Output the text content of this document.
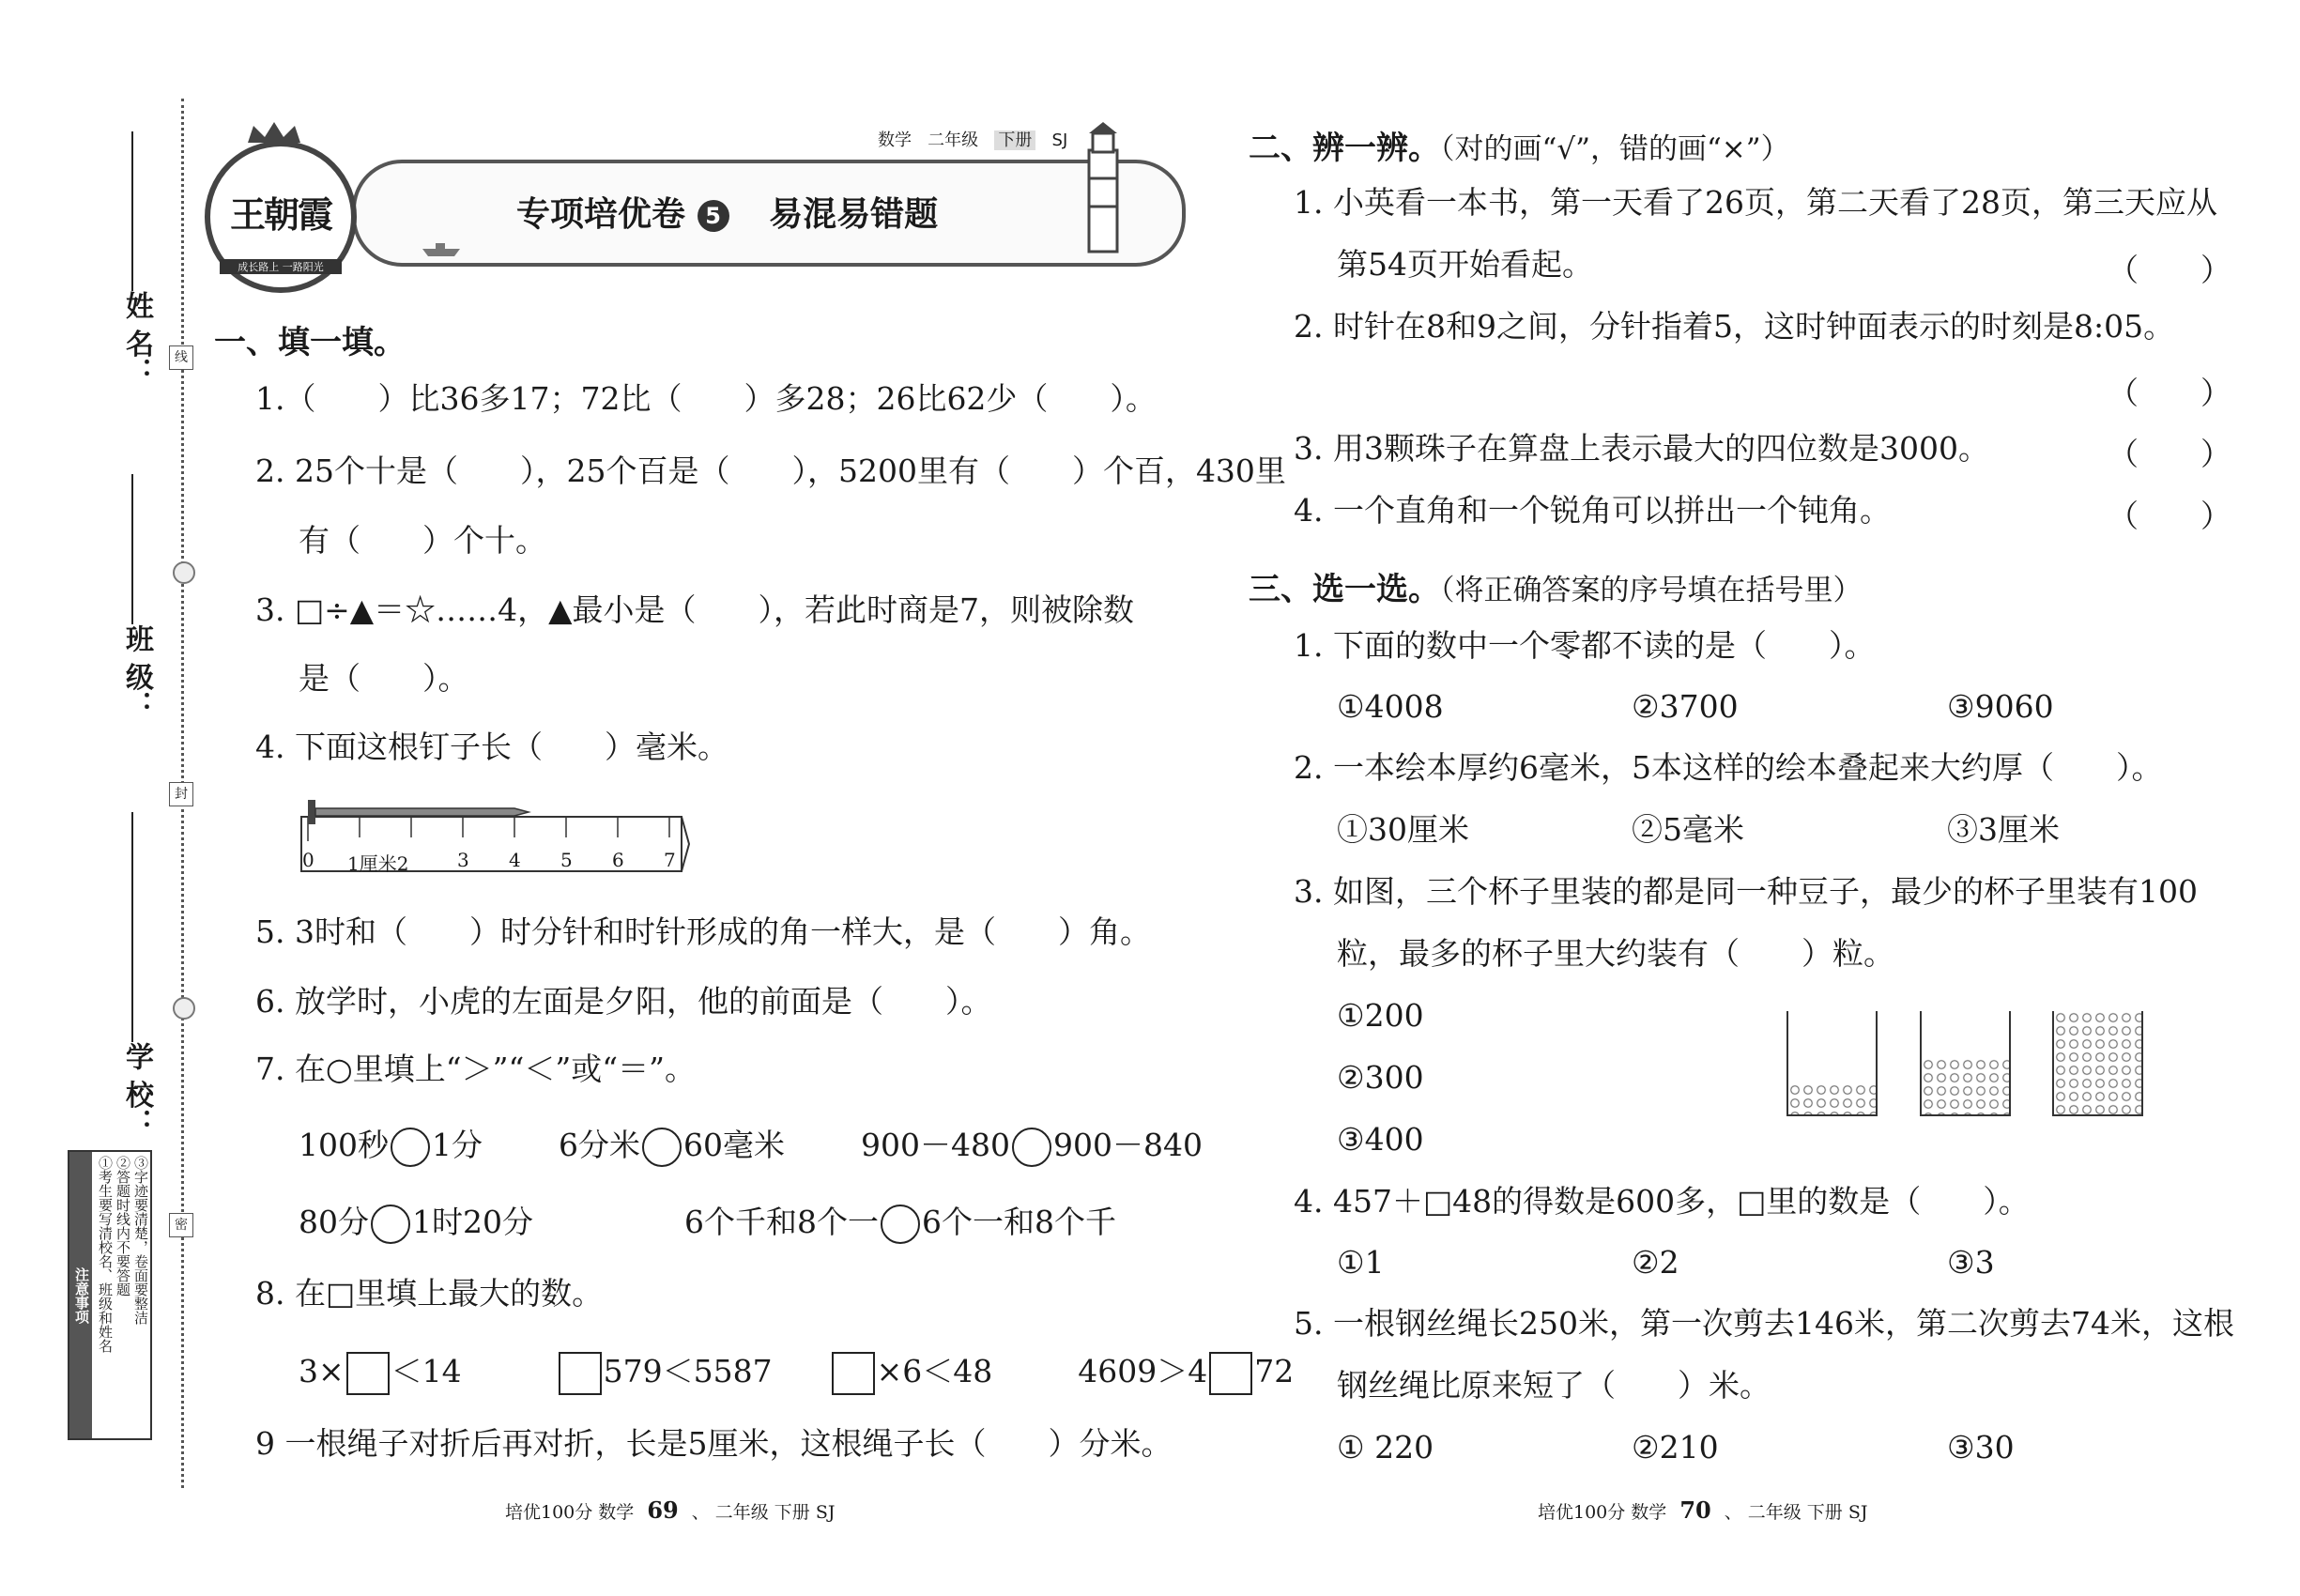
线
封
密
姓 名：
班 级：
学 校：
注意事项 ①考生要写清校名、班级和姓名 ②答题时线内不要答题 ③字迹要清楚，卷面要整洁
数学 二年级 下册 SJ
王朝霞
成长路上 一路阳光
专项培优卷 5 易混易错题
一、填一填。
1.（　　）比36多17；72比（　　）多28；26比62少（　　）。
2. 25个十是（　　），25个百是（　　），5200里有（　　）个百，430里
有（　　）个十。
3. □÷▲＝☆……4，▲最小是（　　），若此时商是7，则被除数
是（　　）。
4. 下面这根钉子长（　　）毫米。
0 1厘米2	3 4 5 6 7
5. 3时和（　　）时分针和时针形成的角一样大，是（　　）角。
6. 放学时，小虎的左面是夕阳，他的前面是（　　）。
7. 在○里填上“＞”“＜”或“＝”。
100秒 1分 6分米 60毫米 900－480 900－840
80分 1时20分	6个千和8个一 6个一和8个千
8. 在□里填上最大的数。
3× ＜14	579＜5587	×6＜48	4609＞4 72
9 一根绳子对折后再对折，长是5厘米，这根绳子长（　　）分米。
培优100分 数学 69 、 二年级 下册 SJ
二、辨一辨。（对的画“√”，错的画“×”）
1. 小英看一本书，第一天看了26页，第二天看了28页，第三天应从
第54页开始看起。	（　　）
2. 时针在8和9之间，分针指着5，这时钟面表示的时刻是8:05。
（　　）
3. 用3颗珠子在算盘上表示最大的四位数是3000。	（　　）
4. 一个直角和一个锐角可以拼出一个钝角。	（　　）
三、选一选。（将正确答案的序号填在括号里）
1. 下面的数中一个零都不读的是（　　）。
①4008	②3700	③9060
2. 一本绘本厚约6毫米，5本这样的绘本叠起来大约厚（　　）。
①30厘米	②5毫米	③3厘米
3. 如图，三个杯子里装的都是同一种豆子，最少的杯子里装有100
粒，最多的杯子里大约装有（　　）粒。
①200
②300
③400
4. 457＋□48的得数是600多，□里的数是（　　）。
①1	②2	③3
5. 一根钢丝绳长250米，第一次剪去146米，第二次剪去74米，这根
钢丝绳比原来短了（　　）米。
① 220	②210	③30
培优100分 数学 70 、 二年级 下册 SJ
